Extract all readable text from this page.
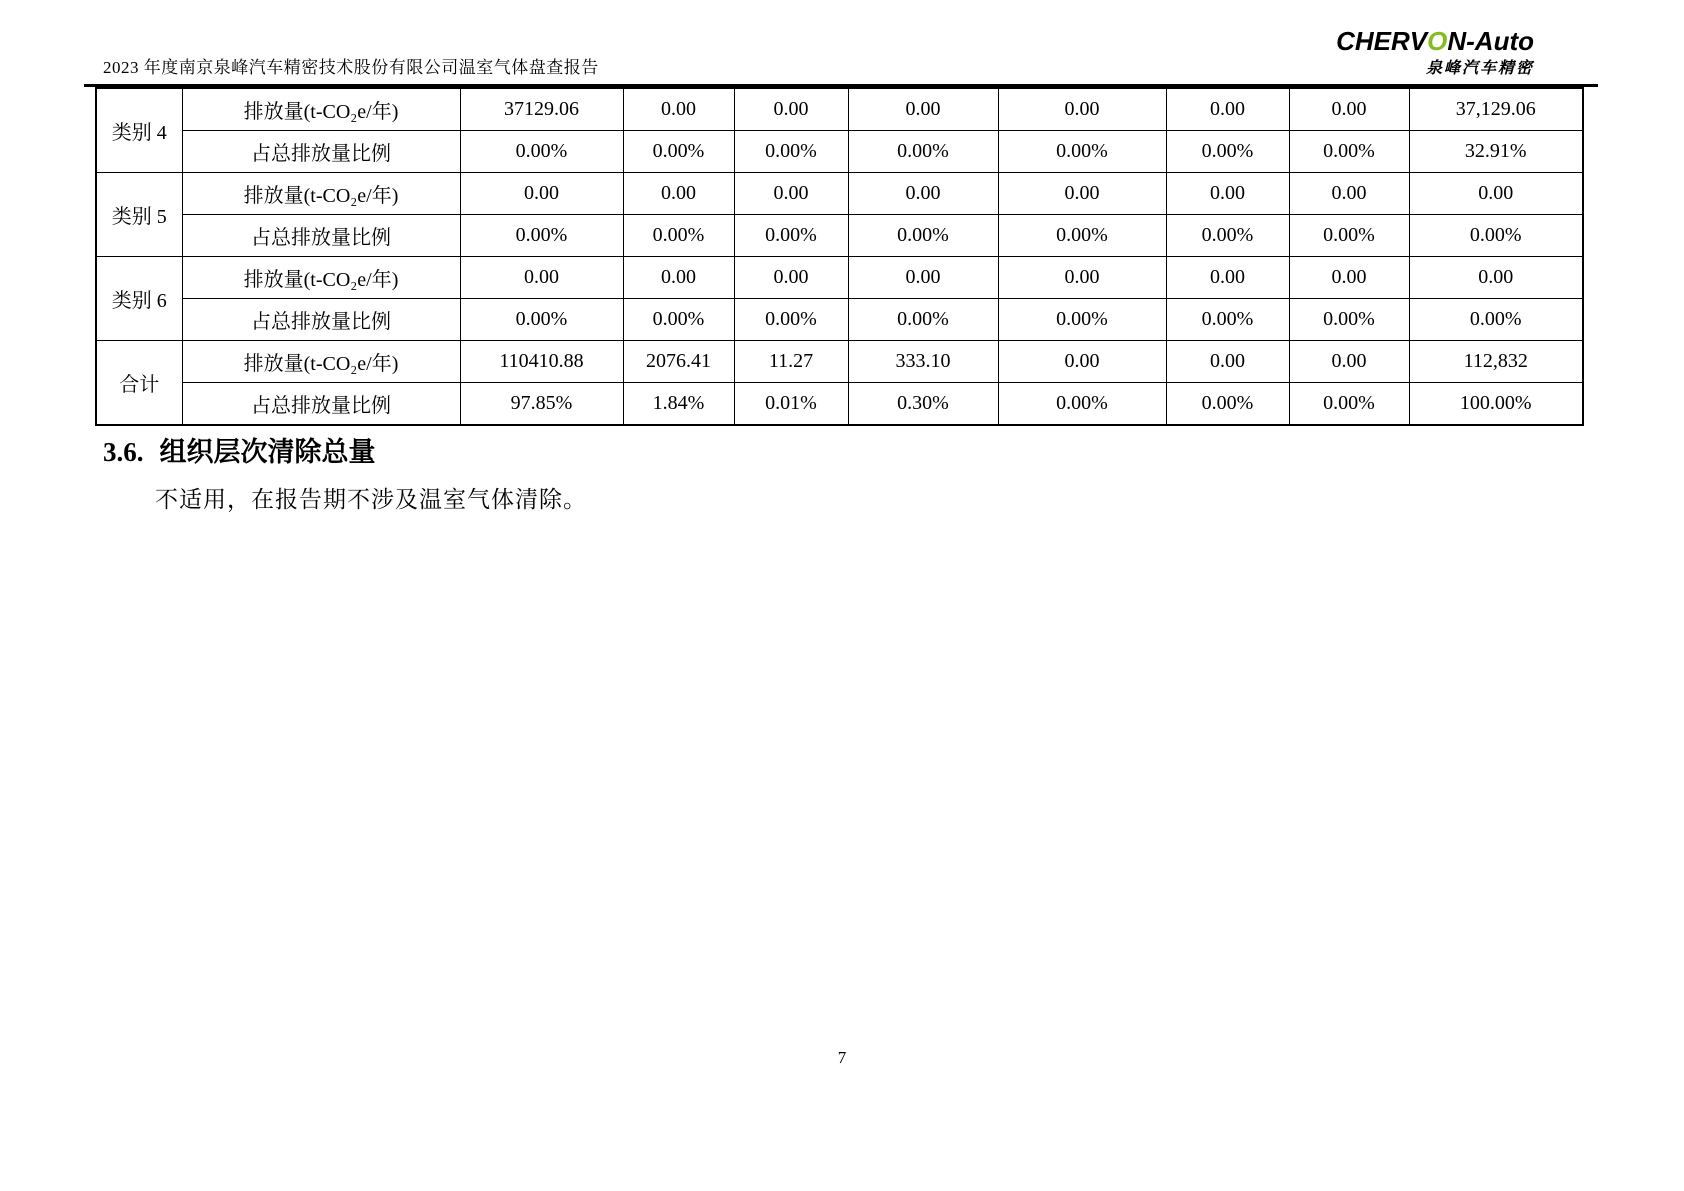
2023 年度南京泉峰汽车精密技术股份有限公司温室气体盘查报告
CHERVON-Auto
泉峰汽车精密
类别 4	排放量(t-CO₂e/年)	37129.06	0.00	0.00	0.00	0.00	0.00	0.00	37,129.06
	占总排放量比例	0.00%	0.00%	0.00%	0.00%	0.00%	0.00%	0.00%	32.91%
类别 5	排放量(t-CO₂e/年)	0.00	0.00	0.00	0.00	0.00	0.00	0.00	0.00
	占总排放量比例	0.00%	0.00%	0.00%	0.00%	0.00%	0.00%	0.00%	0.00%
类别 6	排放量(t-CO₂e/年)	0.00	0.00	0.00	0.00	0.00	0.00	0.00	0.00
	占总排放量比例	0.00%	0.00%	0.00%	0.00%	0.00%	0.00%	0.00%	0.00%
合计	排放量(t-CO₂e/年)	110410.88	2076.41	11.27	333.10	0.00	0.00	0.00	112,832
	占总排放量比例	97.85%	1.84%	0.01%	0.30%	0.00%	0.00%	0.00%	100.00%
3.6. 组织层次清除总量
不适用，在报告期不涉及温室气体清除。
7
